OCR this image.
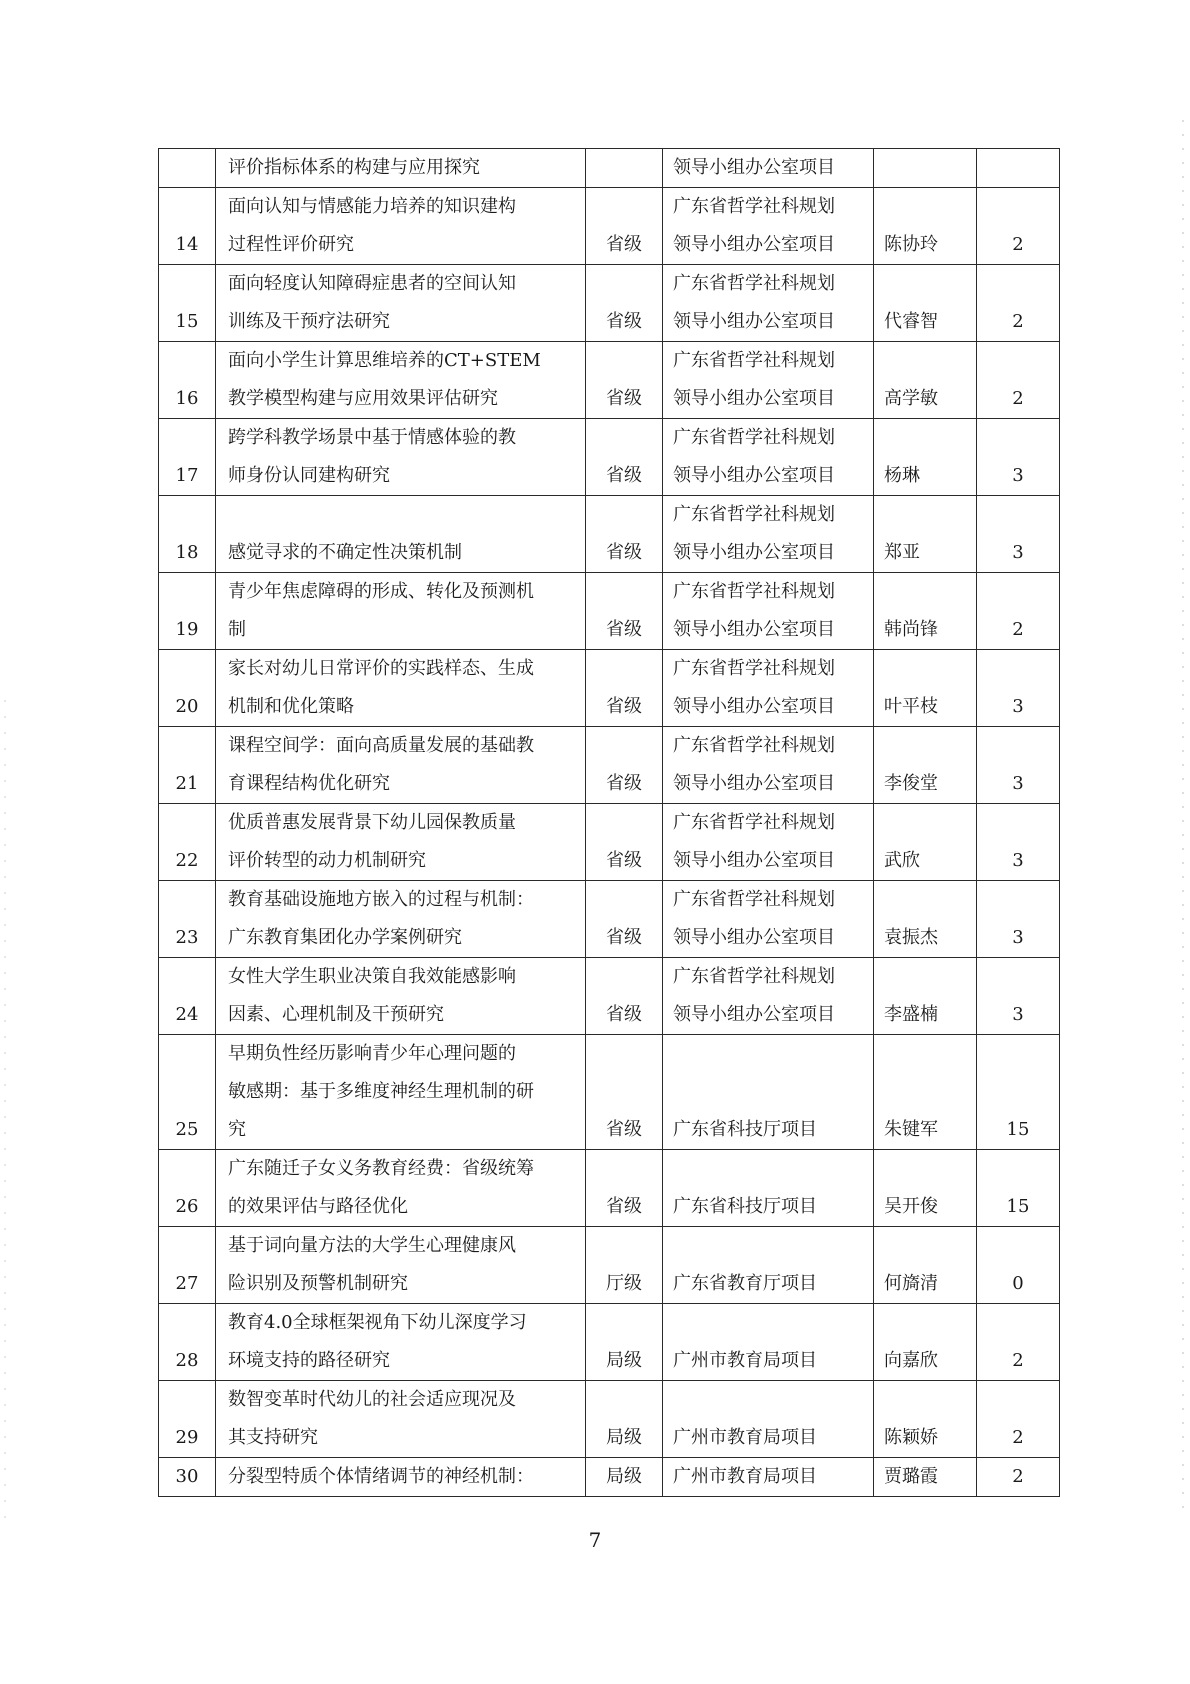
	评价指标体系的构建与应用探究		领导小组办公室项目		

14	面向认知与情感能力培养的知识建构
过程性评价研究	省级	广东省哲学社科规划
领导小组办公室项目	陈协玲	2
15	面向轻度认知障碍症患者的空间认知
训练及干预疗法研究	省级	广东省哲学社科规划
领导小组办公室项目	代睿智	2
16	面向小学生计算思维培养的CT+STEM
教学模型构建与应用效果评估研究	省级	广东省哲学社科规划
领导小组办公室项目	高学敏	2
17	跨学科教学场景中基于情感体验的教
师身份认同建构研究	省级	广东省哲学社科规划
领导小组办公室项目	杨琳	3
18	感觉寻求的不确定性决策机制	省级	广东省哲学社科规划
领导小组办公室项目	郑亚	3
19	青少年焦虑障碍的形成、转化及预测机
制	省级	广东省哲学社科规划
领导小组办公室项目	韩尚锋	2
20	家长对幼儿日常评价的实践样态、生成
机制和优化策略	省级	广东省哲学社科规划
领导小组办公室项目	叶平枝	3
21	课程空间学：面向高质量发展的基础教
育课程结构优化研究	省级	广东省哲学社科规划
领导小组办公室项目	李俊堂	3
22	优质普惠发展背景下幼儿园保教质量
评价转型的动力机制研究	省级	广东省哲学社科规划
领导小组办公室项目	武欣	3
23	教育基础设施地方嵌入的过程与机制：
广东教育集团化办学案例研究	省级	广东省哲学社科规划
领导小组办公室项目	袁振杰	3
24	女性大学生职业决策自我效能感影响
因素、心理机制及干预研究	省级	广东省哲学社科规划
领导小组办公室项目	李盛楠	3
25	早期负性经历影响青少年心理问题的
敏感期：基于多维度神经生理机制的研
究	省级	广东省科技厅项目	朱键军	15
26	广东随迁子女义务教育经费：省级统筹
的效果评估与路径优化	省级	广东省科技厅项目	吴开俊	15
27	基于词向量方法的大学生心理健康风
险识别及预警机制研究	厅级	广东省教育厅项目	何旖清	0
28	教育4.0全球框架视角下幼儿深度学习
环境支持的路径研究	局级	广州市教育局项目	向嘉欣	2
29	数智变革时代幼儿的社会适应现况及
其支持研究	局级	广州市教育局项目	陈颖娇	2
30	分裂型特质个体情绪调节的神经机制：	局级	广州市教育局项目	贾璐霞	2
7
